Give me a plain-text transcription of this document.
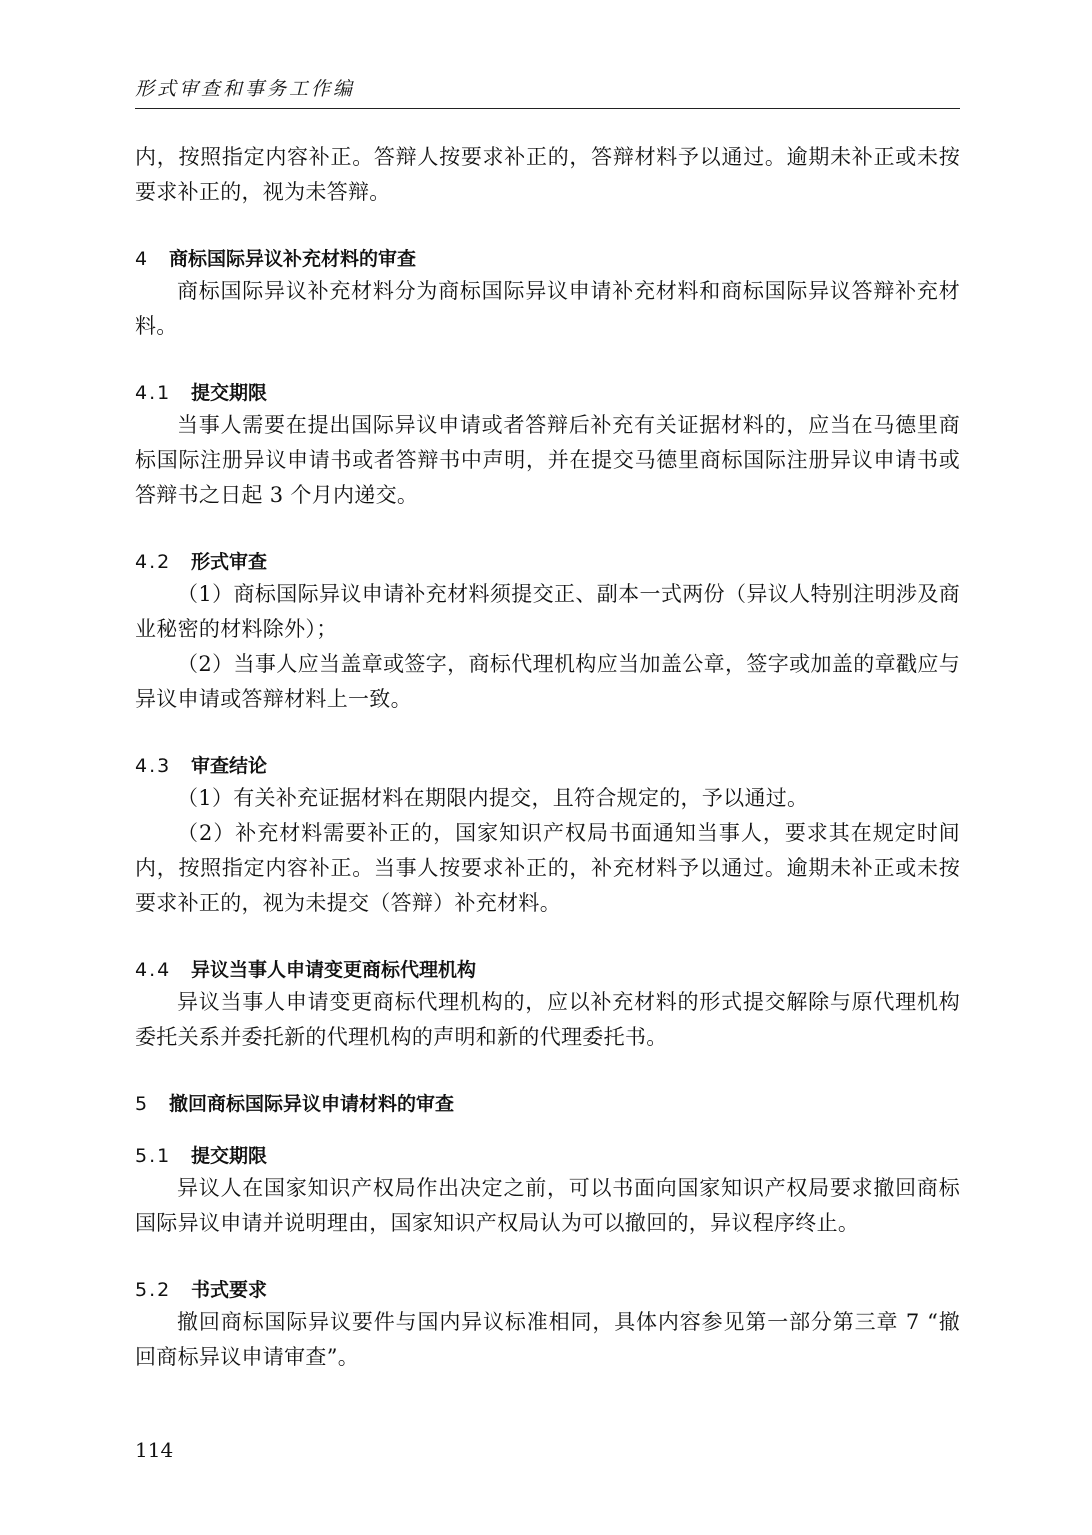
形式审查和事务工作编

内，按照指定内容补正。答辩人按要求补正的，答辩材料予以通过。逾期未补正或未按要求补正的，视为未答辩。

4 商标国际异议补充材料的审查

商标国际异议补充材料分为商标国际异议申请补充材料和商标国际异议答辩补充材料。

4.1 提交期限

当事人需要在提出国际异议申请或者答辩后补充有关证据材料的，应当在马德里商标国际注册异议申请书或者答辩书中声明，并在提交马德里商标国际注册异议申请书或答辩书之日起 3 个月内递交。

4.2 形式审查

（1）商标国际异议申请补充材料须提交正、副本一式两份（异议人特别注明涉及商业秘密的材料除外）；

（2）当事人应当盖章或签字，商标代理机构应当加盖公章，签字或加盖的章戳应与异议申请或答辩材料上一致。

4.3 审查结论

（1）有关补充证据材料在期限内提交，且符合规定的，予以通过。

（2）补充材料需要补正的，国家知识产权局书面通知当事人，要求其在规定时间内，按照指定内容补正。当事人按要求补正的，补充材料予以通过。逾期未补正或未按要求补正的，视为未提交（答辩）补充材料。

4.4 异议当事人申请变更商标代理机构

异议当事人申请变更商标代理机构的，应以补充材料的形式提交解除与原代理机构委托关系并委托新的代理机构的声明和新的代理委托书。

5 撤回商标国际异议申请材料的审查
5.1 提交期限

异议人在国家知识产权局作出决定之前，可以书面向国家知识产权局要求撤回商标国际异议申请并说明理由，国家知识产权局认为可以撤回的，异议程序终止。

5.2 书式要求

撤回商标国际异议要件与国内异议标准相同，具体内容参见第一部分第三章 7 “撤回商标异议申请审查”。

114
